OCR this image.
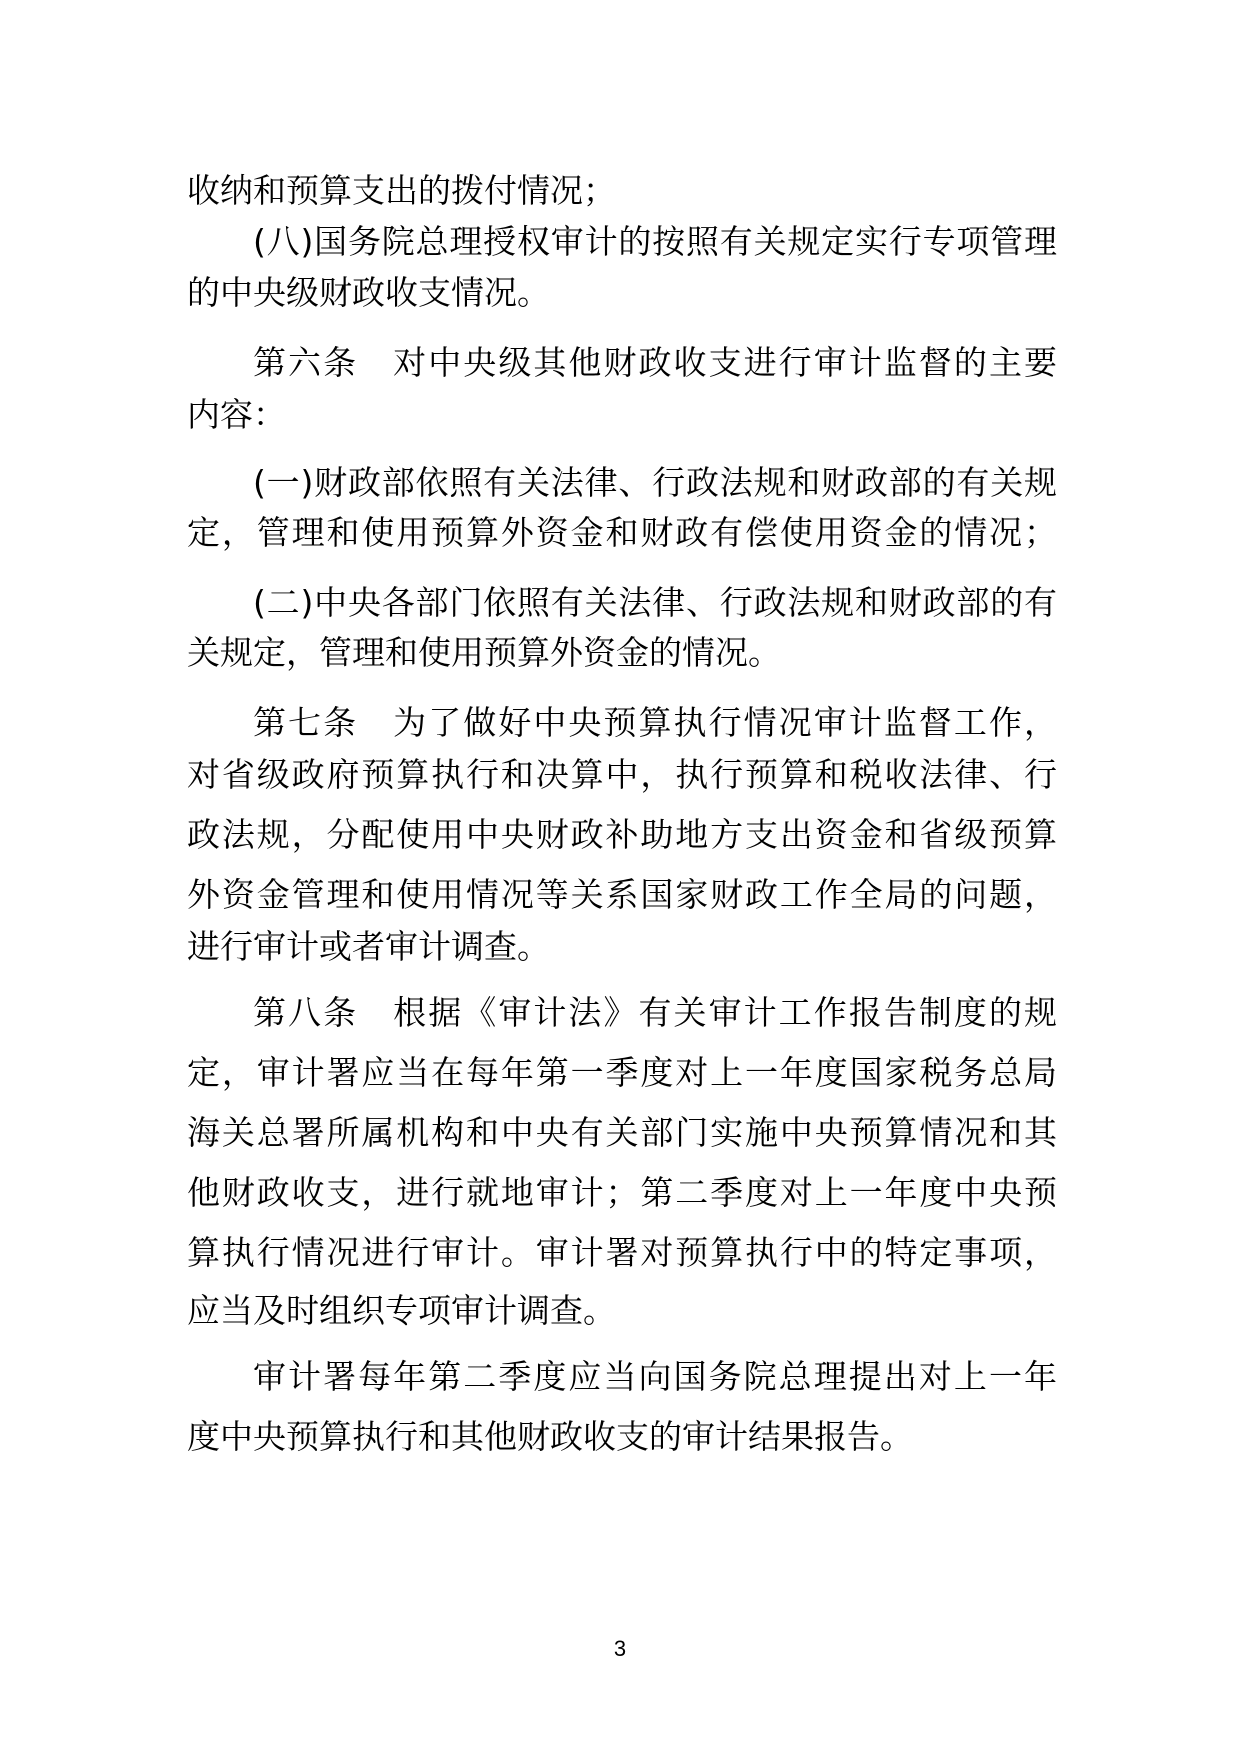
收纳和预算支出的拨付情况；
(八)国务院总理授权审计的按照有关规定实行专项管理
的中央级财政收支情况。
第六条　对中央级其他财政收支进行审计监督的主要
内容：
(一)财政部依照有关法律、行政法规和财政部的有关规
定，管理和使用预算外资金和财政有偿使用资金的情况；
(二)中央各部门依照有关法律、行政法规和财政部的有
关规定，管理和使用预算外资金的情况。
第七条　为了做好中央预算执行情况审计监督工作，
对省级政府预算执行和决算中，执行预算和税收法律、行
政法规，分配使用中央财政补助地方支出资金和省级预算
外资金管理和使用情况等关系国家财政工作全局的问题，
进行审计或者审计调查。
第八条　根据《审计法》有关审计工作报告制度的规
定，审计署应当在每年第一季度对上一年度国家税务总局
海关总署所属机构和中央有关部门实施中央预算情况和其
他财政收支，进行就地审计；第二季度对上一年度中央预
算执行情况进行审计。审计署对预算执行中的特定事项，
应当及时组织专项审计调查。
审计署每年第二季度应当向国务院总理提出对上一年
度中央预算执行和其他财政收支的审计结果报告。
3
